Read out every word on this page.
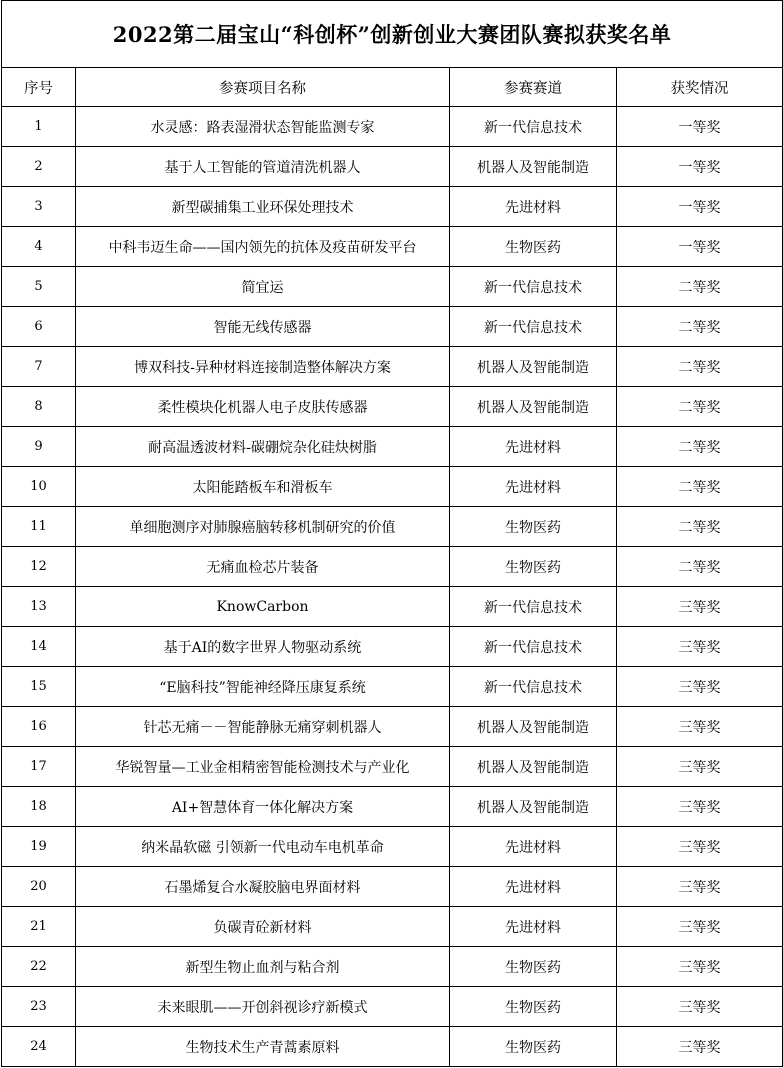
2022第二届宝山“科创杯”创新创业大赛团队赛拟获奖名单			
序号	参赛项目名称	参赛赛道	获奖情况
1	水灵感：路表湿滑状态智能监测专家	新一代信息技术	一等奖
2	基于人工智能的管道清洗机器人	机器人及智能制造	一等奖
3	新型碳捕集工业环保处理技术	先进材料	一等奖
4	中科韦迈生命——国内领先的抗体及疫苗研发平台	生物医药	一等奖
5	简宜运	新一代信息技术	二等奖
6	智能无线传感器	新一代信息技术	二等奖
7	博双科技-异种材料连接制造整体解决方案	机器人及智能制造	二等奖
8	柔性模块化机器人电子皮肤传感器	机器人及智能制造	二等奖
9	耐高温透波材料-碳硼烷杂化硅炔树脂	先进材料	二等奖
10	太阳能踏板车和滑板车	先进材料	二等奖
11	单细胞测序对肺腺癌脑转移机制研究的价值	生物医药	二等奖
12	无痛血检芯片装备	生物医药	二等奖
13	KnowCarbon	新一代信息技术	三等奖
14	基于AI的数字世界人物驱动系统	新一代信息技术	三等奖
15	“E脑科技”智能神经降压康复系统	新一代信息技术	三等奖
16	针芯无痛－－智能静脉无痛穿刺机器人	机器人及智能制造	三等奖
17	华锐智量—工业金相精密智能检测技术与产业化	机器人及智能制造	三等奖
18	AI+智慧体育一体化解决方案	机器人及智能制造	三等奖
19	纳米晶软磁 引领新一代电动车电机革命	先进材料	三等奖
20	石墨烯复合水凝胶脑电界面材料	先进材料	三等奖
21	负碳青砼新材料	先进材料	三等奖
22	新型生物止血剂与粘合剂	生物医药	三等奖
23	未来眼肌——开创斜视诊疗新模式	生物医药	三等奖
24	生物技术生产青蒿素原料	生物医药	三等奖
